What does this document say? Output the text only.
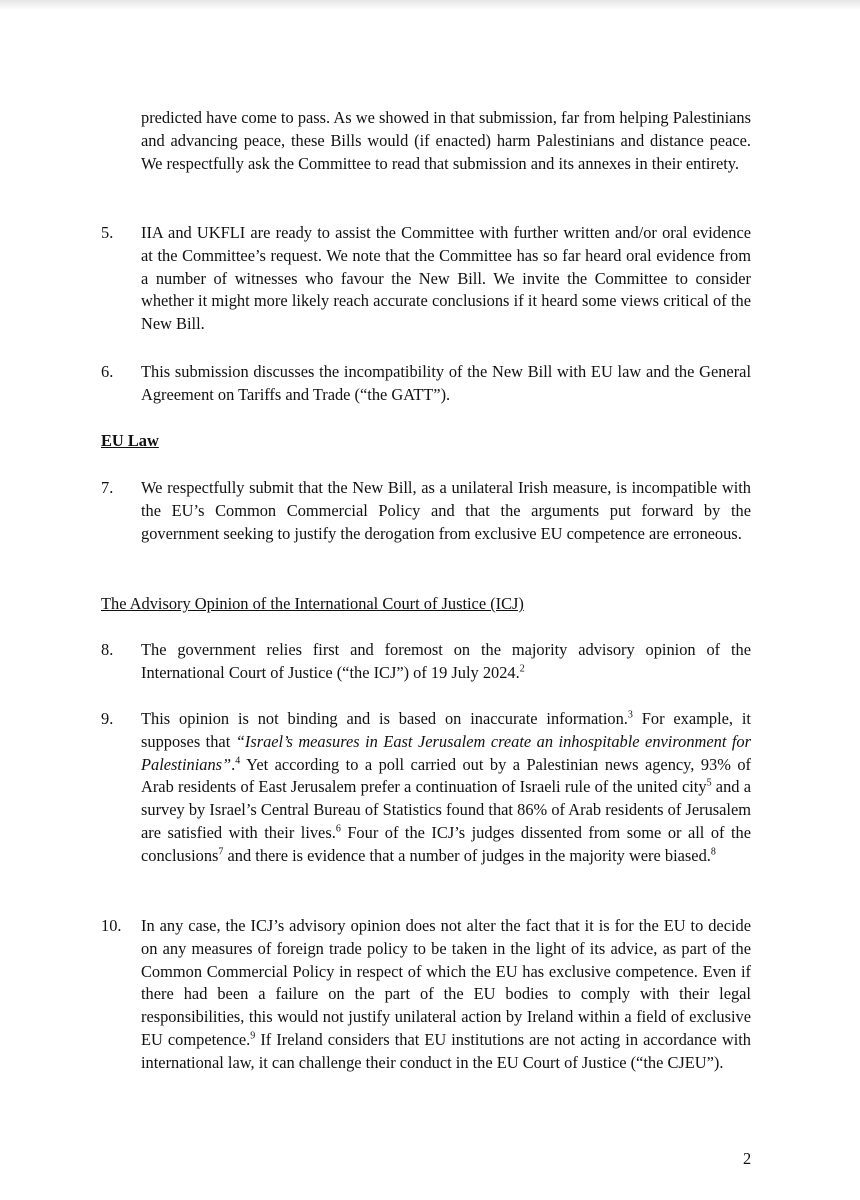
predicted have come to pass. As we showed in that submission, far from helping Palestinians and advancing peace, these Bills would (if enacted) harm Palestinians and distance peace. We respectfully ask the Committee to read that submission and its annexes in their entirety.

5. IIA and UKFLI are ready to assist the Committee with further written and/or oral evidence at the Committee’s request. We note that the Committee has so far heard oral evidence from a number of witnesses who favour the New Bill. We invite the Committee to consider whether it might more likely reach accurate conclusions if it heard some views critical of the New Bill.

6. This submission discusses the incompatibility of the New Bill with EU law and the General Agreement on Tariffs and Trade (“the GATT”).

EU Law

7. We respectfully submit that the New Bill, as a unilateral Irish measure, is incompatible with the EU’s Common Commercial Policy and that the arguments put forward by the government seeking to justify the derogation from exclusive EU competence are erroneous.

The Advisory Opinion of the International Court of Justice (ICJ)

8. The government relies first and foremost on the majority advisory opinion of the International Court of Justice (“the ICJ”) of 19 July 2024.$^2$

9. This opinion is not binding and is based on inaccurate information.$^3$ For example, it supposes that “Israel’s measures in East Jerusalem create an inhospitable environment for Palestinians”.$^4$ Yet according to a poll carried out by a Palestinian news agency, 93% of Arab residents of East Jerusalem prefer a continuation of Israeli rule of the united city$^5$ and a survey by Israel’s Central Bureau of Statistics found that 86% of Arab residents of Jerusalem are satisfied with their lives.$^6$ Four of the ICJ’s judges dissented from some or all of the conclusions$^7$ and there is evidence that a number of judges in the majority were biased.$^8$

10. In any case, the ICJ’s advisory opinion does not alter the fact that it is for the EU to decide on any measures of foreign trade policy to be taken in the light of its advice, as part of the Common Commercial Policy in respect of which the EU has exclusive competence. Even if there had been a failure on the part of the EU bodies to comply with their legal responsibilities, this would not justify unilateral action by Ireland within a field of exclusive EU competence.$^9$ If Ireland considers that EU institutions are not acting in accordance with international law, it can challenge their conduct in the EU Court of Justice (“the CJEU”).

2
